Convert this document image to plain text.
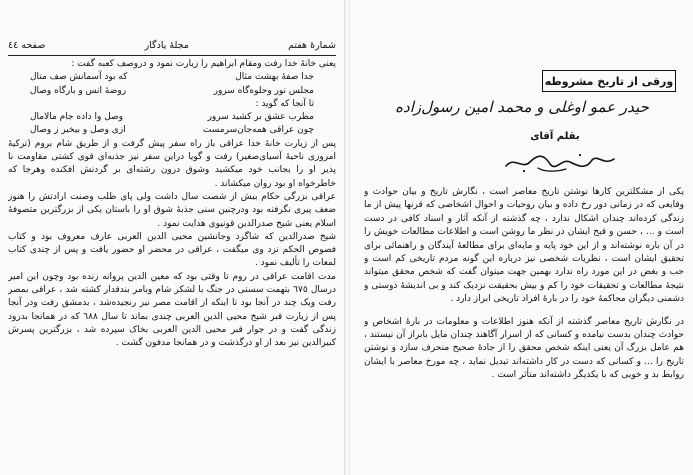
شمارهٔ هفتم
مجلهٔ یادگار
صفحه ٤٤

یعنی خانهٔ خدا رفت ومقام ابراهیم را زیارت نمود و دروصف کعبه گفت :

جدا صفهٔ بهشت مثال
که بود آسمانش صف متال
مجلس نور وحلوه‌گاه سرور
روضهٔ انس و بارگاه وصال

تا آنجا که گوید :

مطرب عشق بر کشید سرور
وصل وا داده جام مالامال
چون عراقی همه‌جان‌سرمست
ازی وصل و بیخبر ز وصال

پس از زیارت خانهٔ خدا عراقی باز راه سفر پیش گرفت و از طریق شام بروم (ترکیهٔ امروزی ناحیهٔ آسیای‌صغیر) رفت و گویا دراین سفر نیز جذبه‌ای قوی کشتی مقاومت نا پذیر او را بجانب خود میکشید وشوق درون رشته‌ای بر گردنش افکنده وهرجا که خاطرخواه او بود روان میکشاند .

عراقی بزرگی حکام بیش از شصت سال داشت ولی پای طلب وصنت ارادتش را هنوز ضعف پیری نگرفته بود ودرچنین سنی جذبهٔ شوق او را باستان یکی از بزرگترین متصوفهٔ اسلام یعنی شیخ صدرالدین قونیوی هدایت نمود .

شیخ صدرالدین که شاگرد وجانشین محیی الدین العربی عارف معروف بود و کتاب فصوص الحکم نزد وی میگفت ، عراقی در محضر او حضور یافت و پس از چندی کتاب لمعات را تألیف نمود .

مدت اقامت عراقی در روم تا وقتی بود که معین الدین پروانه زنده بود وچون این امیر درسال ٦٧٥ بتهمت سستی در جنگ با لشکر شام وبامر بندقدار کشته شد ، عراقی بمصر رفت ویک چند در آنجا بود تا اینکه از اقامت مصر نیز رنجیده‌شد ، بدمشق رفت ودر آنجا پس از زیارت قبر شیخ محیی الدین العربی چندی بماند تا سال ٦٨٨ که در همانجا بدرود زندگی گفت و در جوار قبر محیی الدین العربی بخاک سپرده شد ، بزرگترین پسرش کبیرالدین نیز بعد از او درگذشت و در همانجا مدفون گشت .

ورقی از تاریخ مشروطه
حیدر عمو اوغلی و محمد امین رسول‌زاده
بقلم آقای

یکی از مشکلترین کارها نوشتن تاریخ معاصر است ، نگارش تاریخ و بیان حوادث و وقایعی که در زمانی دور رخ داده و بیان روحیات و احوال اشخاصی که قرنها پیش از ما زندگی کرده‌اند چندان اشکال ندارد ، چه گذشته از آنکه آثار و اسناد کافی در دست است و ... ، حسن و قبح ایشان در نظر ما روشن است و اطلاعات مطالعات خویش را در آن باره نوشته‌اند و از این خود پایه و مایه‌ای برای مطالعهٔ آیندگان و راهنمائی برای تحقیق ایشان است ، نظریات شخصی نیز درباره این گونه مردم تاریخی کم است و حب و بغض در این مورد راه ندارد بهمین جهت میتوان گفت که شخص محقق میتواند نتیجهٔ مطالعات و تحقیقات خود را کم و بیش بحقیقت نزدیک کند و بی اندیشهٔ دوستی و دشمنی دیگران محاکمهٔ خود را در بارهٔ افراد تاریخی ابراز دارد .

در نگارش تاریخ معاصر گذشته از آنکه هنوز اطلاعات و معلومات در بارهٔ اشخاص و حوادث چندان بدست نیامده و کسانی که از اسرار آگاهند چندان مایل بابراز آن نیستند ، هم عامل بزرگ آن یعنی اینکه شخص محقق را از جادهٔ صحیح منحرف سازد و نوشتن تاریخ را ... و کسانی که دست در کار داشته‌اند تبدیل نماید ، چه مورخ معاصر با ایشان روابط بد و خوبی که با یکدیگر داشته‌اند متأثر است .
